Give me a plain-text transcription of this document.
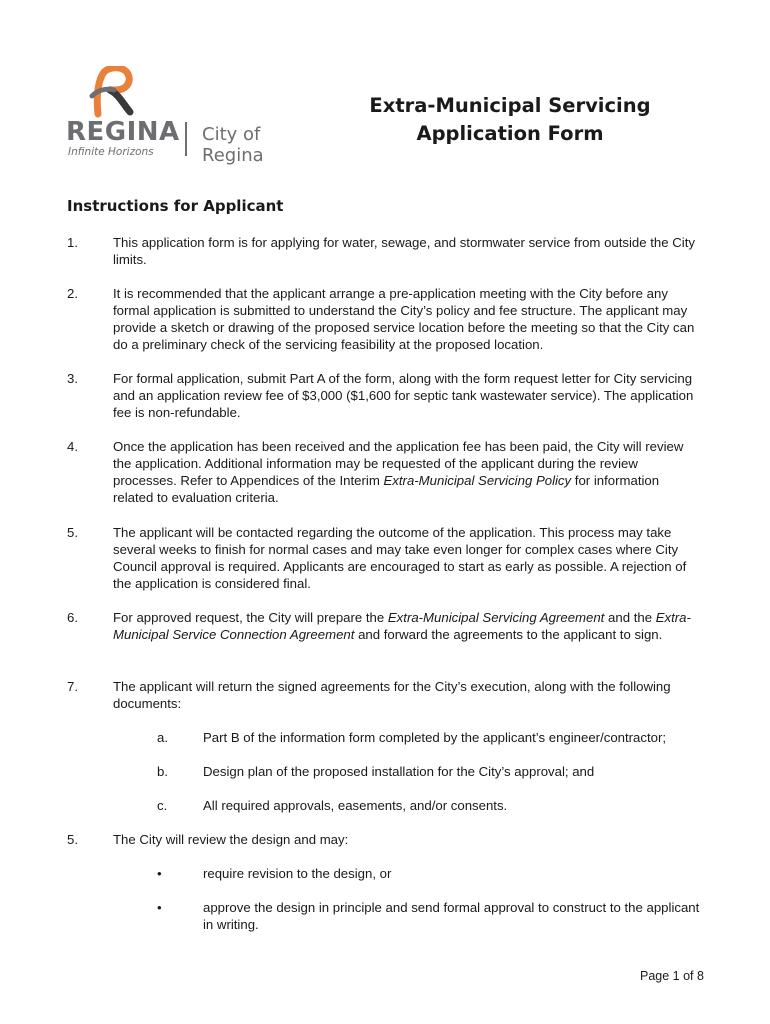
REGINA
Infinite Horizons
City of Regina
Extra-Municipal Servicing
Application Form
Instructions for Applicant
1.	This application form is for applying for water, sewage, and stormwater service from outside the City limits.
2.	It is recommended that the applicant arrange a pre-application meeting with the City before any formal application is submitted to understand the City’s policy and fee structure. The applicant may provide a sketch or drawing of the proposed service location before the meeting so that the City can do a preliminary check of the servicing feasibility at the proposed location.
3.	For formal application, submit Part A of the form, along with the form request letter for City servicing and an application review fee of $3,000 ($1,600 for septic tank wastewater service). The application fee is non-refundable.
4.	Once the application has been received and the application fee has been paid, the City will review the application. Additional information may be requested of the applicant during the review processes. Refer to Appendices of the Interim Extra-Municipal Servicing Policy for information related to evaluation criteria.
5.	The applicant will be contacted regarding the outcome of the application. This process may take several weeks to finish for normal cases and may take even longer for complex cases where City Council approval is required. Applicants are encouraged to start as early as possible. A rejection of the application is considered final.
6.	For approved request, the City will prepare the Extra-Municipal Servicing Agreement and the Extra-Municipal Service Connection Agreement and forward the agreements to the applicant to sign.
7.	The applicant will return the signed agreements for the City’s execution, along with the following documents:
a.	Part B of the information form completed by the applicant’s engineer/contractor;
b.	Design plan of the proposed installation for the City’s approval; and
c.	All required approvals, easements, and/or consents.
5.	The City will review the design and may:
•	require revision to the design, or
•	approve the design in principle and send formal approval to construct to the applicant in writing.
Page 1 of 8
